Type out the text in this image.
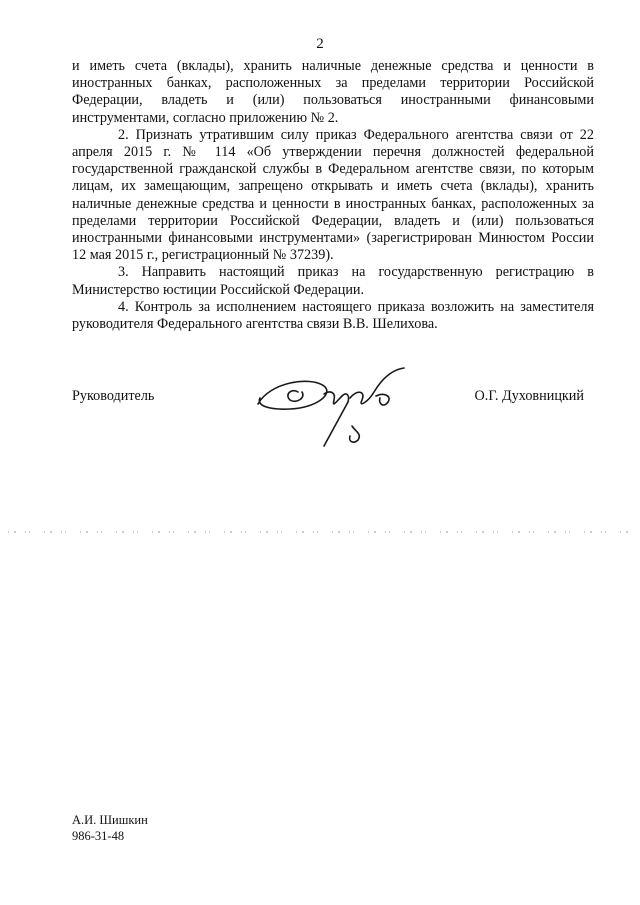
2

и иметь счета (вклады), хранить наличные денежные средства и ценности в иностранных банках, расположенных за пределами территории Российской Федерации, владеть и (или) пользоваться иностранными финансовыми инструментами, согласно приложению № 2.

2. Признать утратившим силу приказ Федерального агентства связи от 22 апреля 2015 г. № 114 «Об утверждении перечня должностей федеральной государственной гражданской службы в Федеральном агентстве связи, по которым лицам, их замещающим, запрещено открывать и иметь счета (вклады), хранить наличные денежные средства и ценности в иностранных банках, расположенных за пределами территории Российской Федерации, владеть и (или) пользоваться иностранными финансовыми инструментами» (зарегистрирован Минюстом России 12 мая 2015 г., регистрационный № 37239).

3. Направить настоящий приказ на государственную регистрацию в Министерство юстиции Российской Федерации.

4. Контроль за исполнением настоящего приказа возложить на заместителя руководителя Федерального агентства связи В.В. Шелихова.

Руководитель	О.Г. Духовницкий
А.И. Шишкин
986-31-48
